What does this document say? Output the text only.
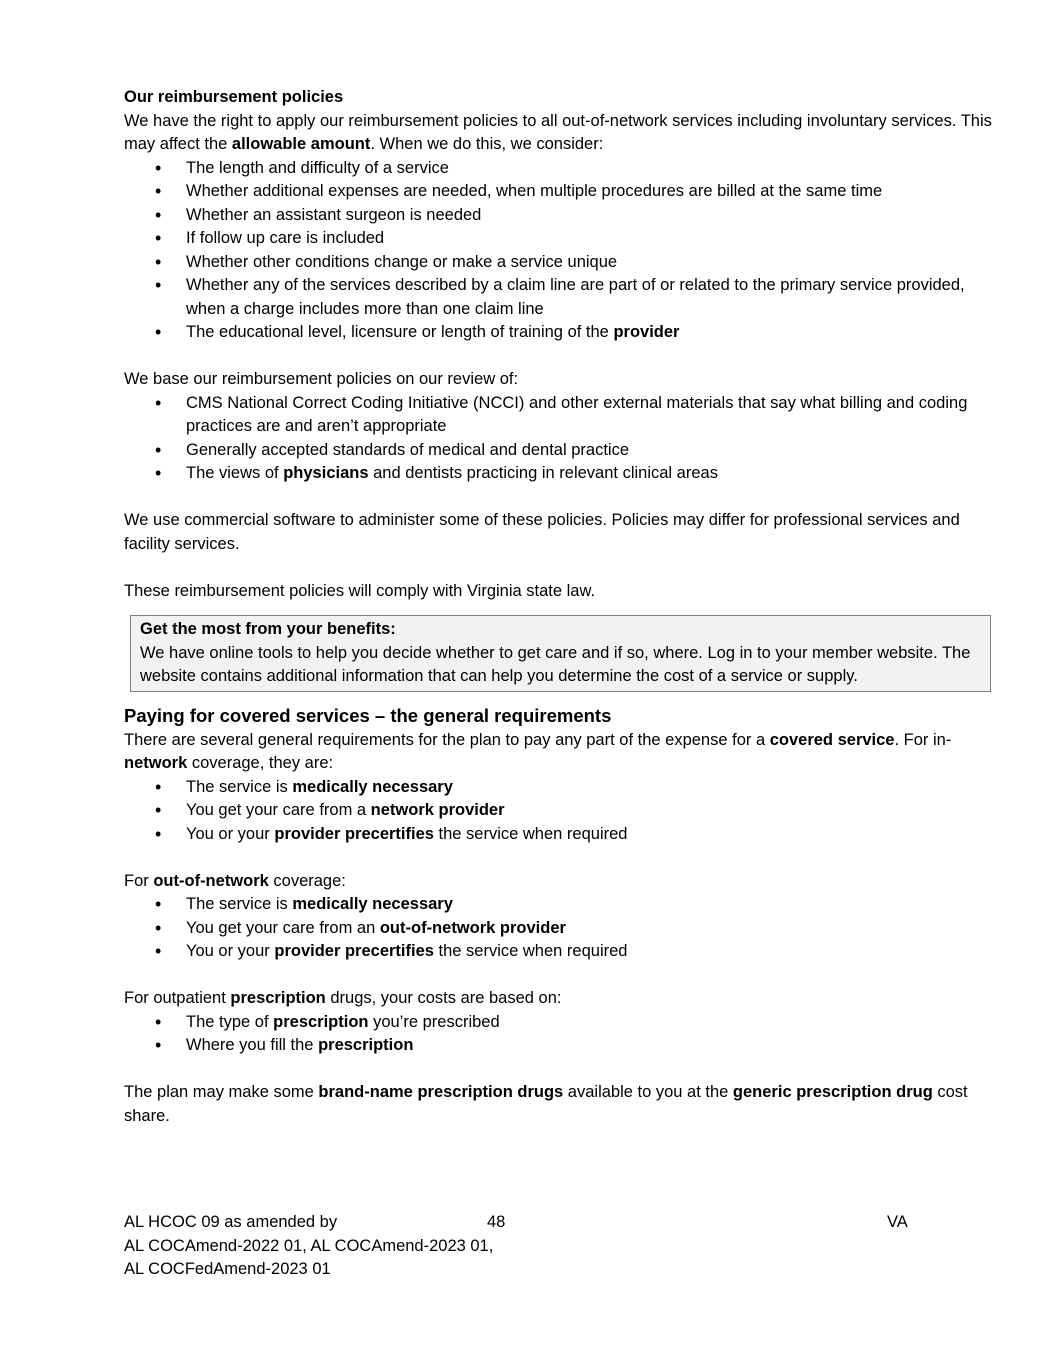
Our reimbursement policies

We have the right to apply our reimbursement policies to all out-of-network services including involuntary services. This may affect the allowable amount. When we do this, we consider:

• The length and difficulty of a service
• Whether additional expenses are needed, when multiple procedures are billed at the same time
• Whether an assistant surgeon is needed
• If follow up care is included
• Whether other conditions change or make a service unique
• Whether any of the services described by a claim line are part of or related to the primary service provided, when a charge includes more than one claim line
• The educational level, licensure or length of training of the provider

We base our reimbursement policies on our review of:

• CMS National Correct Coding Initiative (NCCI) and other external materials that say what billing and coding practices are and aren’t appropriate
• Generally accepted standards of medical and dental practice
• The views of physicians and dentists practicing in relevant clinical areas

We use commercial software to administer some of these policies. Policies may differ for professional services and facility services.

These reimbursement policies will comply with Virginia state law.

Get the most from your benefits:
We have online tools to help you decide whether to get care and if so, where. Log in to your member website. The website contains additional information that can help you determine the cost of a service or supply.
Paying for covered services – the general requirements

There are several general requirements for the plan to pay any part of the expense for a covered service. For in-network coverage, they are:

• The service is medically necessary
• You get your care from a network provider
• You or your provider precertifies the service when required

For out-of-network coverage:

• The service is medically necessary
• You get your care from an out-of-network provider
• You or your provider precertifies the service when required

For outpatient prescription drugs, your costs are based on:

• The type of prescription you’re prescribed
• Where you fill the prescription

The plan may make some brand-name prescription drugs available to you at the generic prescription drug cost share.

AL HCOC 09 as amended by	48	VA
AL COCAmend-2022 01, AL COCAmend-2023 01,
AL COCFedAmend-2023 01
